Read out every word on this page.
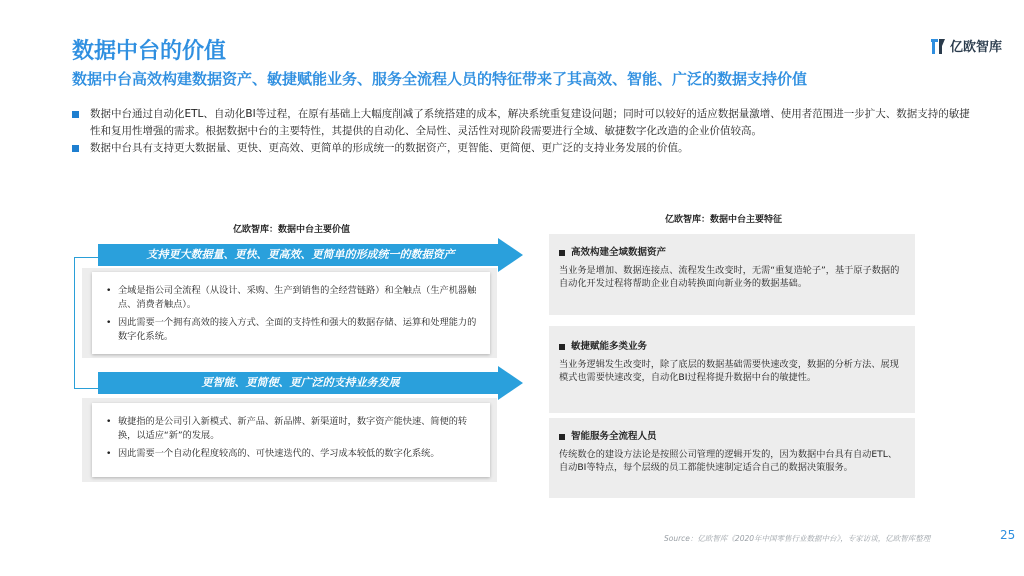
数据中台的价值
数据中台高效构建数据资产、敏捷赋能业务、服务全流程人员的特征带来了其高效、智能、广泛的数据支持价值
亿欧智库
数据中台通过自动化ETL、自动化BI等过程，在原有基础上大幅度削减了系统搭建的成本，解决系统重复建设问题；同时可以较好的适应数据量激增、使用者范围进一步扩大、数据支持的敏捷性和复用性增强的需求。根据数据中台的主要特性，其提供的自动化、全局性、灵活性对现阶段需要进行全域、敏捷数字化改造的企业价值较高。
数据中台具有支持更大数据量、更快、更高效、更简单的形成统一的数据资产，更智能、更简便、更广泛的支持业务发展的价值。
亿欧智库：数据中台主要价值
支持更大数据量、更快、更高效、更简单的形成统一的数据资产
• 全域是指公司全流程（从设计、采购、生产到销售的全经营链路）和全触点（生产机器触点、消费者触点）。
• 因此需要一个拥有高效的接入方式、全面的支持性和强大的数据存储、运算和处理能力的数字化系统。
更智能、更简便、更广泛的支持业务发展
• 敏捷指的是公司引入新模式、新产品、新品牌、新渠道时，数字资产能快速、简便的转换，以适应“新”的发展。
• 因此需要一个自动化程度较高的、可快速迭代的、学习成本较低的数字化系统。
亿欧智库：数据中台主要特征
高效构建全域数据资产
当业务是增加、数据连接点、流程发生改变时，无需“重复造轮子”，基于原子数据的自动化开发过程将帮助企业自动转换面向新业务的数据基础。
敏捷赋能多类业务
当业务逻辑发生改变时，除了底层的数据基础需要快速改变，数据的分析方法、展现模式也需要快速改变，自动化BI过程将提升数据中台的敏捷性。
智能服务全流程人员
传统数仓的建设方法论是按照公司管理的逻辑开发的，因为数据中台具有自动ETL、自动BI等特点，每个层级的员工都能快速制定适合自己的数据决策服务。
Source：亿欧智库《2020年中国零售行业数据中台》，专家访谈，亿欧智库整理	25
